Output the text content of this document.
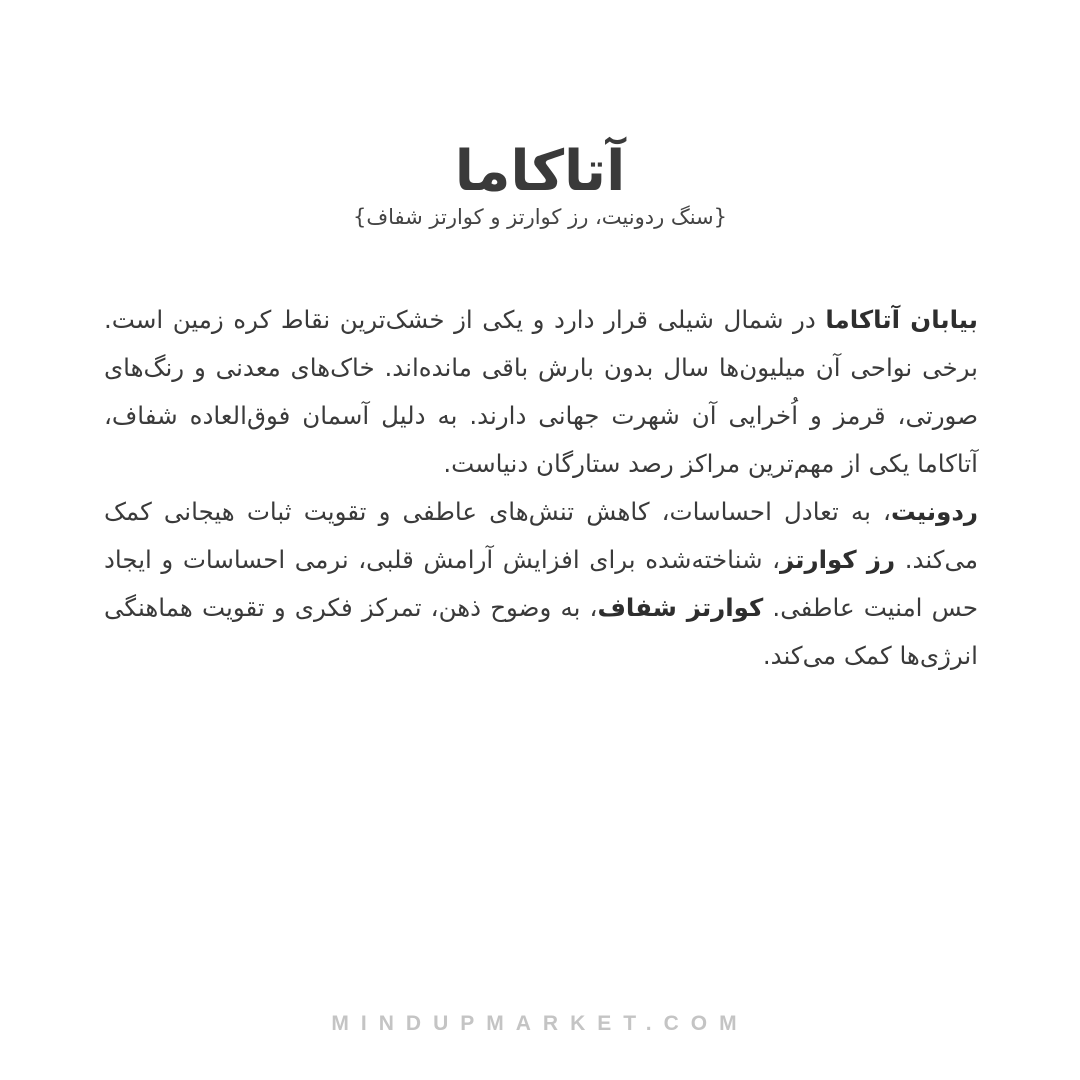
آتاکاما
{سنگ ردونیت، رز کوارتز و کوارتز شفاف}

بیابان آتاکاما در شمال شیلی قرار دارد و یکی از خشک‌ترین نقاط کره زمین است. برخی نواحی آن میلیون‌ها سال بدون بارش باقی مانده‌اند. خاک‌های معدنی و رنگ‌های صورتی، قرمز و اُخرایی آن شهرت جهانی دارند. به دلیل آسمان فوق‌العاده شفاف، آتاکاما یکی از مهم‌ترین مراکز رصد ستارگان دنیاست.

ردونیت، به تعادل احساسات، کاهش تنش‌های عاطفی و تقویت ثبات هیجانی کمک می‌کند. رز کوارتز، شناخته‌شده برای افزایش آرامش قلبی، نرمی احساسات و ایجاد حس امنیت عاطفی. کوارتز شفاف، به وضوح ذهن، تمرکز فکری و تقویت هماهنگی انرژی‌ها کمک می‌کند.

MINDUPMARKET.COM
